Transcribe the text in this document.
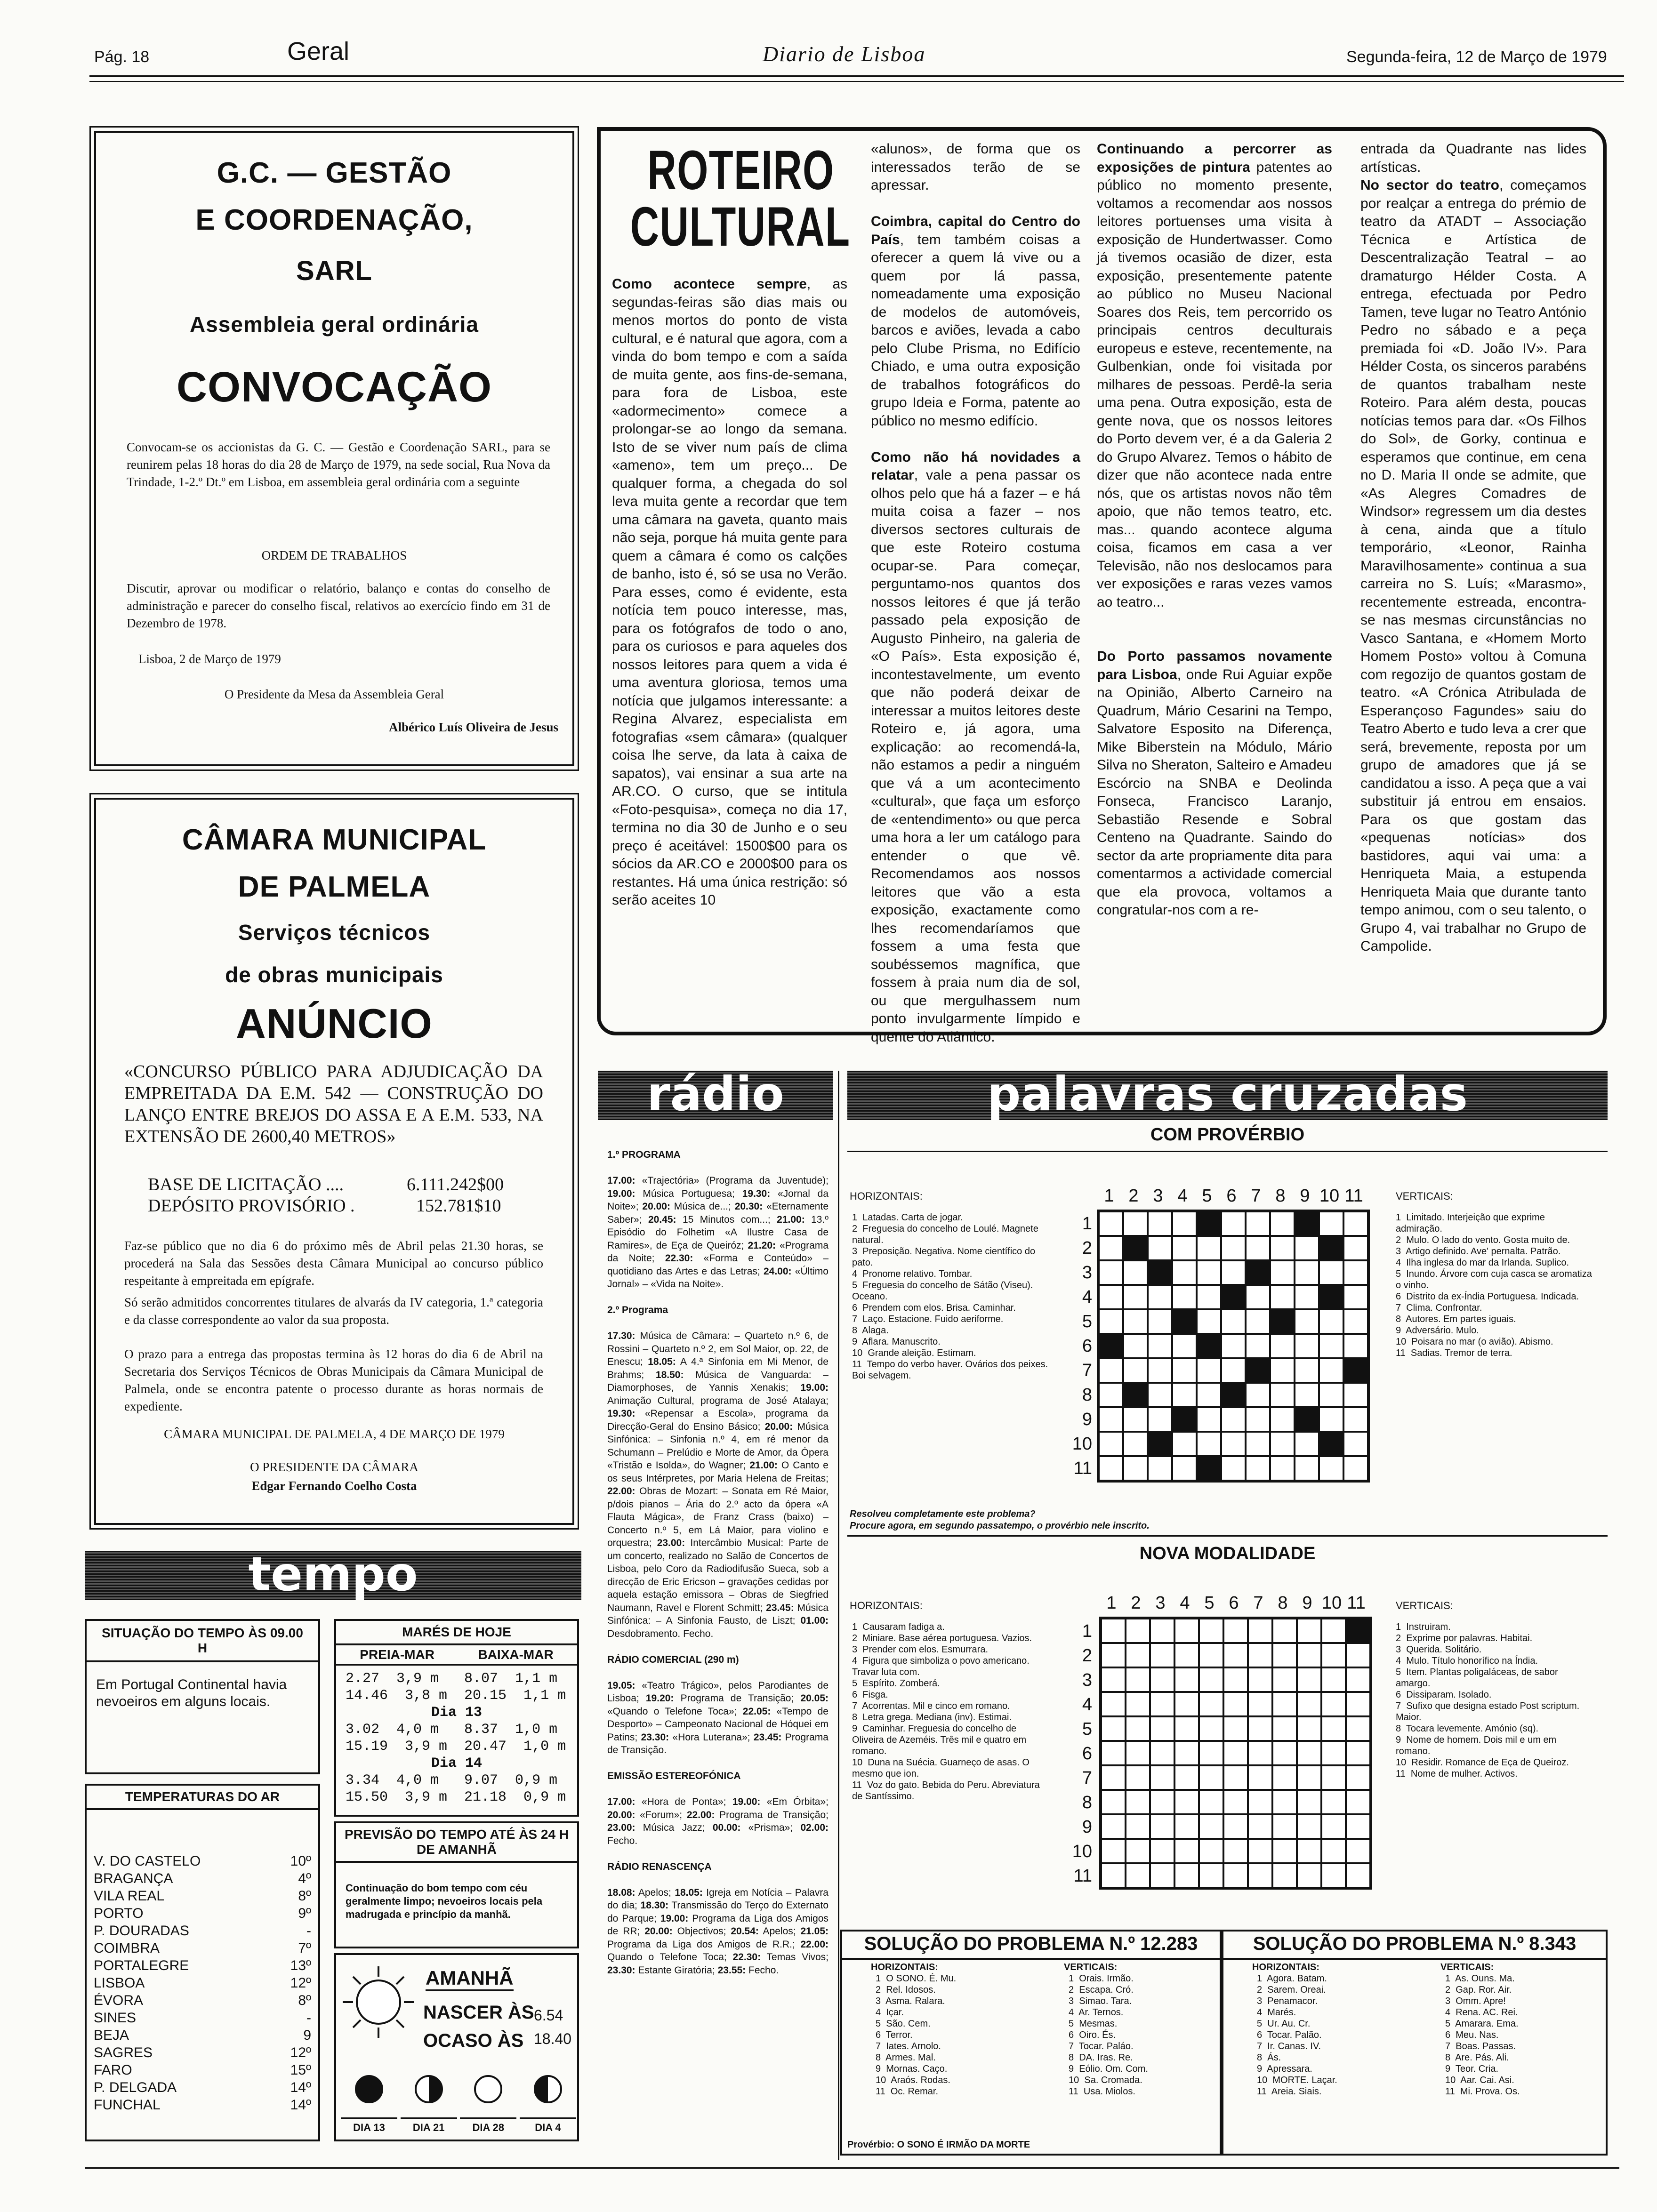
Pág. 18	Geral	Diario de Lisboa	Segunda-feira, 12 de Março de 1979
G.C. — GESTÃO
E COORDENAÇÃO,
SARL
Assembleia geral ordinária
CONVOCAÇÃO
Convocam-se os accionistas da G. C. — Gestão e Coordenação SARL, para se reunirem pelas 18 horas do dia 28 de Março de 1979, na sede social, Rua Nova da Trindade, 1-2.º Dt.º em Lisboa, em assembleia geral ordinária com a seguinte
ORDEM DE TRABALHOS
Discutir, aprovar ou modificar o relatório, balanço e contas do conselho de administração e parecer do conselho fiscal, relativos ao exercício findo em 31 de Dezembro de 1978.
Lisboa, 2 de Março de 1979
O Presidente da Mesa da Assembleia Geral
Albérico Luís Oliveira de Jesus
CÂMARA MUNICIPAL
DE PALMELA
Serviços técnicos
de obras municipais
ANÚNCIO
«CONCURSO PÚBLICO PARA ADJUDICAÇÃO DA EMPREITADA DA E.M. 542 — CONSTRUÇÃO DO LANÇO ENTRE BREJOS DO ASSA E A E.M. 533, NA EXTENSÃO DE 2600,40 METROS»
BASE DE LICITAÇÃO ....	6.111.242$00
DEPÓSITO PROVISÓRIO .	152.781$10
Faz-se público que no dia 6 do próximo mês de Abril pelas 21.30 horas, se procederá na Sala das Sessões desta Câmara Municipal ao concurso público respeitante à empreitada em epígrafe.
Só serão admitidos concorrentes titulares de alvarás da IV categoria, 1.ª categoria e da classe correspondente ao valor da sua proposta.
O prazo para a entrega das propostas termina às 12 horas do dia 6 de Abril na Secretaria dos Serviços Técnicos de Obras Municipais da Câmara Municipal de Palmela, onde se encontra patente o processo durante as horas normais de expediente.
CÂMARA MUNICIPAL DE PALMELA, 4 DE MARÇO DE 1979
O PRESIDENTE DA CÂMARA
Edgar Fernando Coelho Costa
ROTEIRO
CULTURAL
Como acontece sempre, as segundas-feiras são dias mais ou menos mortos do ponto de vista cultural, e é natural que agora, com a vinda do bom tempo e com a saída de muita gente, aos fins-de-semana, para fora de Lisboa, este «adormecimento» comece a prolongar-se ao longo da semana. Isto de se viver num país de clima «ameno», tem um preço... De qualquer forma, a chegada do sol leva muita gente a recordar que tem uma câmara na gaveta, quanto mais não seja, porque há muita gente para quem a câmara é como os calções de banho, isto é, só se usa no Verão. Para esses, como é evidente, esta notícia tem pouco interesse, mas, para os fotógrafos de todo o ano, para os curiosos e para aqueles dos nossos leitores para quem a vida é uma aventura gloriosa, temos uma notícia que julgamos interessante: a Regina Alvarez, especialista em fotografias «sem câmara» (qualquer coisa lhe serve, da lata à caixa de sapatos), vai ensinar a sua arte na AR.CO. O curso, que se intitula «Foto-pesquisa», começa no dia 17, termina no dia 30 de Junho e o seu preço é aceitável: 1500$00 para os sócios da AR.CO e 2000$00 para os restantes. Há uma única restrição: só serão aceites 10
«alunos», de forma que os interessados terão de se apressar.

Coimbra, capital do Centro do País, tem também coisas a oferecer a quem lá vive ou a quem por lá passa, nomeadamente uma exposição de modelos de automóveis, barcos e aviões, levada a cabo pelo Clube Prisma, no Edifício Chiado, e uma outra exposição de trabalhos fotográficos do grupo Ideia e Forma, patente ao público no mesmo edifício.

Como não há novidades a relatar, vale a pena passar os olhos pelo que há a fazer – e há muita coisa a fazer – nos diversos sectores culturais de que este Roteiro costuma ocupar-se. Para começar, perguntamo-nos quantos dos nossos leitores é que já terão passado pela exposição de Augusto Pinheiro, na galeria de «O País». Esta exposição é, incontestavelmente, um evento que não poderá deixar de interessar a muitos leitores deste Roteiro e, já agora, uma explicação: ao recomendá-la, não estamos a pedir a ninguém que vá a um acontecimento «cultural», que faça um esforço de «entendimento» ou que perca uma hora a ler um catálogo para entender o que vê. Recomendamos aos nossos leitores que vão a esta exposição, exactamente como lhes recomendaríamos que fossem a uma festa que soubéssemos magnífica, que fossem à praia num dia de sol, ou que mergulhassem num ponto invulgarmente límpido e quente do Atlântico.
Continuando a percorrer as exposições de pintura patentes ao público no momento presente, voltamos a recomendar aos nossos leitores portuenses uma visita à exposição de Hundertwasser. Como já tivemos ocasião de dizer, esta exposição, presentemente patente ao público no Museu Nacional Soares dos Reis, tem percorrido os principais centros deculturais europeus e esteve, recentemente, na Gulbenkian, onde foi visitada por milhares de pessoas. Perdê-la seria uma pena. Outra exposição, esta de gente nova, que os nossos leitores do Porto devem ver, é a da Galeria 2 do Grupo Alvarez. Temos o hábito de dizer que não acontece nada entre nós, que os artistas novos não têm apoio, que não temos teatro, etc. mas... quando acontece alguma coisa, ficamos em casa a ver Televisão, não nos deslocamos para ver exposições e raras vezes vamos ao teatro...

Do Porto passamos novamente para Lisboa, onde Rui Aguiar expõe na Opinião, Alberto Carneiro na Quadrum, Mário Cesarini na Tempo, Salvatore Esposito na Diferença, Mike Biberstein na Módulo, Mário Silva no Sheraton, Salteiro e Amadeu Escórcio na SNBA e Deolinda Fonseca, Francisco Laranjo, Sebastião Resende e Sobral Centeno na Quadrante. Saindo do sector da arte propriamente dita para comentarmos a actividade comercial que ela provoca, voltamos a congratular-nos com a re-
entrada da Quadrante nas lides artísticas.
No sector do teatro, começamos por realçar a entrega do prémio de teatro da ATADT – Associação Técnica e Artística de Descentralização Teatral – ao dramaturgo Hélder Costa. A entrega, efectuada por Pedro Tamen, teve lugar no Teatro António Pedro no sábado e a peça premiada foi «D. João IV». Para Hélder Costa, os sinceros parabéns de quantos trabalham neste Roteiro. Para além desta, poucas notícias temos para dar. «Os Filhos do Sol», de Gorky, continua e esperamos que continue, em cena no D. Maria II onde se admite, que «As Alegres Comadres de Windsor» regressem um dia destes à cena, ainda que a título temporário, «Leonor, Rainha Maravilhosamente» continua a sua carreira no S. Luís; «Marasmo», recentemente estreada, encontra-se nas mesmas circunstâncias no Vasco Santana, e «Homem Morto Homem Posto» voltou à Comuna com regozijo de quantos gostam de teatro. «A Crónica Atribulada de Esperançoso Fagundes» saiu do Teatro Aberto e tudo leva a crer que será, brevemente, reposta por um grupo de amadores que já se candidatou a isso. A peça que a vai substituir já entrou em ensaios. Para os que gostam das «pequenas notícias» dos bastidores, aqui vai uma: a Henriqueta Maia, a estupenda Henriqueta Maia que durante tanto tempo animou, com o seu talento, o Grupo 4, vai trabalhar no Grupo de Campolide.
tempo
SITUAÇÃO DO TEMPO ÀS 09.00 H
Em Portugal Continental havia nevoeiros em alguns locais.
TEMPERATURAS DO AR
V. DO CASTELO	10º
BRAGANÇA	4º
VILA REAL	8º
PORTO	9º
P. DOURADAS	-
COIMBRA	7º
PORTALEGRE	13º
LISBOA	12º
ÉVORA	8º
SINES	-
BEJA	9
SAGRES	12º
FARO	15º
P. DELGADA	14º
FUNCHAL	14º
MARÉS DE HOJE
PREIA-MAR	BAIXA-MAR
2.27  3,9 m   8.07  1,1 m
14.46  3,8 m  20.15  1,1 m
Dia 13
3.02  4,0 m   8.37  1,0 m
15.19  3,9 m  20.47  1,0 m
Dia 14
3.34  4,0 m   9.07  0,9 m
15.50  3,9 m  21.18  0,9 m
PREVISÃO DO TEMPO ATÉ ÀS 24 H DE AMANHÃ
Continuação do bom tempo com céu geralmente limpo; nevoeiros locais pela madrugada e princípio da manhã.
AMANHÃ
NASCER ÀS 6.54
OCASO ÀS 18.40
DIA 13	DIA 21	DIA 28	DIA 4
rádio
1.º PROGRAMA

17.00: «Trajectória» (Programa da Juventude); 19.00: Música Portuguesa; 19.30: «Jornal da Noite»; 20.00: Música de...; 20.30: «Eternamente Saber»; 20.45: 15 Minutos com...; 21.00: 13.º Episódio do Folhetim «A Ilustre Casa de Ramires», de Eça de Queiróz; 21.20: «Programa da Noite; 22.30: «Forma e Conteúdo» – quotidiano das Artes e das Letras; 24.00: «Último Jornal» – «Vida na Noite».

2.º Programa

17.30: Música de Câmara: – Quarteto n.º 6, de Rossini – Quarteto n.º 2, em Sol Maior, op. 22, de Enescu; 18.05: A 4.ª Sinfonia em Mi Menor, de Brahms; 18.50: Música de Vanguarda: – Diamorphoses, de Yannis Xenakis; 19.00: Animação Cultural, programa de José Atalaya; 19.30: «Repensar a Escola», programa da Direcção-Geral do Ensino Básico; 20.00: Música Sinfónica: – Sinfonia n.º 4, em ré menor da Schumann – Prelúdio e Morte de Amor, da Ópera «Tristão e Isolda», do Wagner; 21.00: O Canto e os seus Intérpretes, por Maria Helena de Freitas; 22.00: Obras de Mozart: – Sonata em Ré Maior, p/dois pianos – Ária do 2.º acto da ópera «A Flauta Mágica», de Franz Crass (baixo) – Concerto n.º 5, em Lá Maior, para violino e orquestra; 23.00: Intercâmbio Musical: Parte de um concerto, realizado no Salão de Concertos de Lisboa, pelo Coro da Radiodifusão Sueca, sob a direcção de Eric Ericson – gravações cedidas por aquela estação emissora – Obras de Siegfried Naumann, Ravel e Florent Schmitt; 23.45: Música Sinfónica: – A Sinfonia Fausto, de Liszt; 01.00: Desdobramento. Fecho.

RÁDIO COMERCIAL (290 m)

19.05: «Teatro Trágico», pelos Parodiantes de Lisboa; 19.20: Programa de Transição; 20.05: «Quando o Telefone Toca»; 22.05: «Tempo de Desporto» – Campeonato Nacional de Hóquei em Patins; 23.30: «Hora Luterana»; 23.45: Programa de Transição.

EMISSÃO ESTEREOFÓNICA

17.00: «Hora de Ponta»; 19.00: «Em Órbita»; 20.00: «Forum»; 22.00: Programa de Transição; 23.00: Música Jazz; 00.00: «Prisma»; 02.00: Fecho.

RÁDIO RENASCENÇA

18.08: Apelos; 18.05: Igreja em Notícia – Palavra do dia; 18.30: Transmissão do Terço do Externato do Parque; 19.00: Programa da Liga dos Amigos de RR; 20.00: Objectivos; 20.54: Apelos; 21.05: Programa da Liga dos Amigos de R.R.; 22.00: Quando o Telefone Toca; 22.30: Temas Vivos; 23.30: Estante Giratória; 23.55: Fecho.
palavras cruzadas
COM PROVÉRBIO
HORIZONTAIS:
1  Latadas. Carta de jogar.
2  Freguesia do concelho de Loulé. Magnete natural.
3  Preposição. Negativa. Nome científico do pato.
4  Pronome relativo. Tombar.
5  Freguesia do concelho de Sátão (Viseu). Oceano.
6  Prendem com elos. Brisa. Caminhar.
7  Laço. Estacione. Fuido aeriforme.
8  Alaga.
9  Aflara. Manuscrito.
10  Grande aleição. Estimam.
11  Tempo do verbo haver. Ovários dos peixes. Boi selvagem.
VERTICAIS:
1  Limitado. Interjeição que exprime admiração.
2  Mulo. O lado do vento. Gosta muito de.
3  Artigo definido. Ave' pernalta. Patrão.
4  Ilha inglesa do mar da Irlanda. Suplico.
5  Inundo. Árvore com cuja casca se aromatiza o vinho.
6  Distrito da ex-Índia Portuguesa. Indicada.
7  Clima. Confrontar.
8  Autores. Em partes iguais.
9  Adversário. Mulo.
10  Poisara no mar (o avião). Abismo.
11  Sadias. Tremor de terra.
1 2 3 4 5 6 7 8 9 10 11
1
2
3
4
5
6
7
8
9
10
11
Resolveu completamente este problema?
Procure agora, em segundo passatempo, o provérbio nele inscrito.
NOVA MODALIDADE
HORIZONTAIS:
1  Causaram fadiga a.
2  Miniare. Base aérea portuguesa. Vazios.
3  Prender com elos. Esmurrara.
4  Figura que simboliza o povo americano. Travar luta com.
5  Espírito. Zomberá.
6  Fisga.
7  Acorrentas. Mil e cinco em romano.
8  Letra grega. Mediana (inv). Estimai.
9  Caminhar. Freguesia do concelho de Oliveira de Azeméis. Três mil e quatro em romano.
10  Duna na Suécia. Guarneço de asas. O mesmo que ion.
11  Voz do gato. Bebida do Peru. Abreviatura de Santíssimo.
VERTICAIS:
1  Instruiram.
2  Exprime por palavras. Habitai.
3  Querida. Solitário.
4  Mulo. Título honorífico na Índia.
5  Item. Plantas poligaláceas, de sabor amargo.
6  Dissiparam. Isolado.
7  Sufixo que designa estado Post scriptum. Maior.
8  Tocara levemente. Amónio (sq).
9  Nome de homem. Dois mil e um em romano.
10  Residir. Romance de Eça de Queiroz.
11  Nome de mulher. Activos.
1 2 3 4 5 6 7 8 9 10 11
1
2
3
4
5
6
7
8
9
10
11
SOLUÇÃO DO PROBLEMA N.º 12.283	SOLUÇÃO DO PROBLEMA N.º 8.343
HORIZONTAIS:
1  O SONO. É. Mu.
2  Rel. Idosos.
3  Asma. Ralara.
4  Içar.
5  São. Cem.
6  Terror.
7  Iates. Arnolo.
8  Armes. Mal.
9  Mornas. Caço.
10  Araós. Rodas.
11  Oc. Remar.
VERTICAIS:
1  Orais. Irmão.
2  Escapa. Cró.
3  Simao. Tara.
4  Ar. Ternos.
5  Mesmas.
6  Oiro. És.
7  Tocar. Paláo.
8  DA. Iras. Re.
9  Eólio. Om. Com.
10  Sa. Cromada.
11  Usa. Miolos.
HORIZONTAIS:
1  Agora. Batam.
2  Sarem. Oreai.
3  Penamacor.
4  Marés.
5  Ur. Au. Cr.
6  Tocar. Palão.
7  Ir. Canas. IV.
8  Ás.
9  Apressara.
10  MORTE. Laçar.
11  Areia. Siais.
VERTICAIS:
1  As. Ouns. Ma.
2  Gap. Ror. Air.
3  Omm. Apre!
4  Rena. AC. Rei.
5  Amarara. Ema.
6  Meu. Nas.
7  Boas. Passas.
8  Are. Pás. Ali.
9  Teor. Cria.
10  Aar. Cai. Asi.
11  Mi. Prova. Os.
Provérbio: O SONO É IRMÃO DA MORTE
